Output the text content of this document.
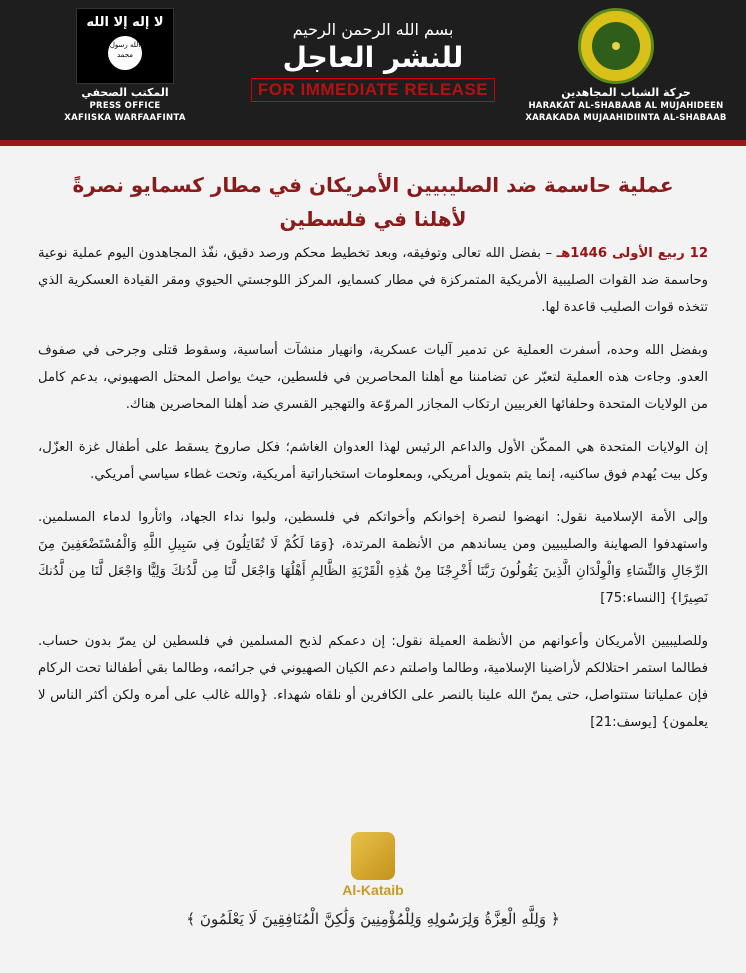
لا إله إلا الله
الله رسول محمد
المكتب الصحفي
PRESS OFFICE
XAFIISKA WARFAAFINTA
بسم الله الرحمن الرحيم
للنشر العاجل
FOR IMMEDIATE RELEASE	حركة الشباب المجاهدين
HARAKAT AL-SHABAAB AL MUJAHIDEEN
XARAKADA MUJAAHIDIINTA AL-SHABAAB
عملية حاسمة ضد الصليبيين الأمريكان في مطار كسمايو نصرةً لأهلنا في فلسطين

12 ربيع الأولى 1446هـ – بفضل الله تعالى وتوفيقه، وبعد تخطيط محكم ورصد دقيق، نفّذ المجاهدون اليوم عملية نوعية وحاسمة ضد القوات الصليبية الأمريكية المتمركزة في مطار كسمايو، المركز اللوجستي الحيوي ومقر القيادة العسكرية الذي تتخذه قوات الصليب قاعدة لها.

وبفضل الله وحده، أسفرت العملية عن تدمير آليات عسكرية، وانهيار منشآت أساسية، وسقوط قتلى وجرحى في صفوف العدو. وجاءت هذه العملية لتعبّر عن تضامننا مع أهلنا المحاصرين في فلسطين، حيث يواصل المحتل الصهيوني، بدعم كامل من الولايات المتحدة وحلفائها الغربيين ارتكاب المجازر المروّعة والتهجير القسري ضد أهلنا المحاصرين هناك.

إن الولايات المتحدة هي الممكّن الأول والداعم الرئيس لهذا العدوان الغاشم؛ فكل صاروخ يسقط على أطفال غزة العزّل، وكل بيت يُهدم فوق ساكنيه، إنما يتم بتمويل أمريكي، وبمعلومات استخباراتية أمريكية، وتحت غطاء سياسي أمريكي.

وإلى الأمة الإسلامية نقول: انهضوا لنصرة إخوانكم وأخواتكم في فلسطين، ولبوا نداء الجهاد، واثأروا لدماء المسلمين. واستهدفوا الصهاينة والصليبيين ومن يساندهم من الأنظمة المرتدة، {وَمَا لَكُمْ لَا تُقَاتِلُونَ فِي سَبِيلِ اللَّهِ وَالْمُسْتَضْعَفِينَ مِنَ الرِّجَالِ وَالنِّسَاءِ وَالْوِلْدَانِ الَّذِينَ يَقُولُونَ رَبَّنَا أَخْرِجْنَا مِنْ هَٰذِهِ الْقَرْيَةِ الظَّالِمِ أَهْلُهَا وَاجْعَل لَّنَا مِن لَّدُنكَ وَلِيًّا وَاجْعَل لَّنَا مِن لَّدُنكَ نَصِيرًا} [النساء:75]

وللصليبيين الأمريكان وأعوانهم من الأنظمة العميلة نقول: إن دعمكم لذبح المسلمين في فلسطين لن يمرّ بدون حساب. فطالما استمر احتلالكم لأراضينا الإسلامية، وطالما واصلتم دعم الكيان الصهيوني في جرائمه، وطالما بقي أطفالنا تحت الركام فإن عملياتنا ستتواصل، حتى يمنّ الله علينا بالنصر على الكافرين أو نلقاه شهداء. {والله غالب على أمره ولكن أكثر الناس لا يعلمون} [يوسف:21]

Al-Kataib
﴿ وَلِلَّهِ الْعِزَّةُ وَلِرَسُولِهِ وَلِلْمُؤْمِنِينَ وَلَٰكِنَّ الْمُنَافِقِينَ لَا يَعْلَمُونَ ﴾
